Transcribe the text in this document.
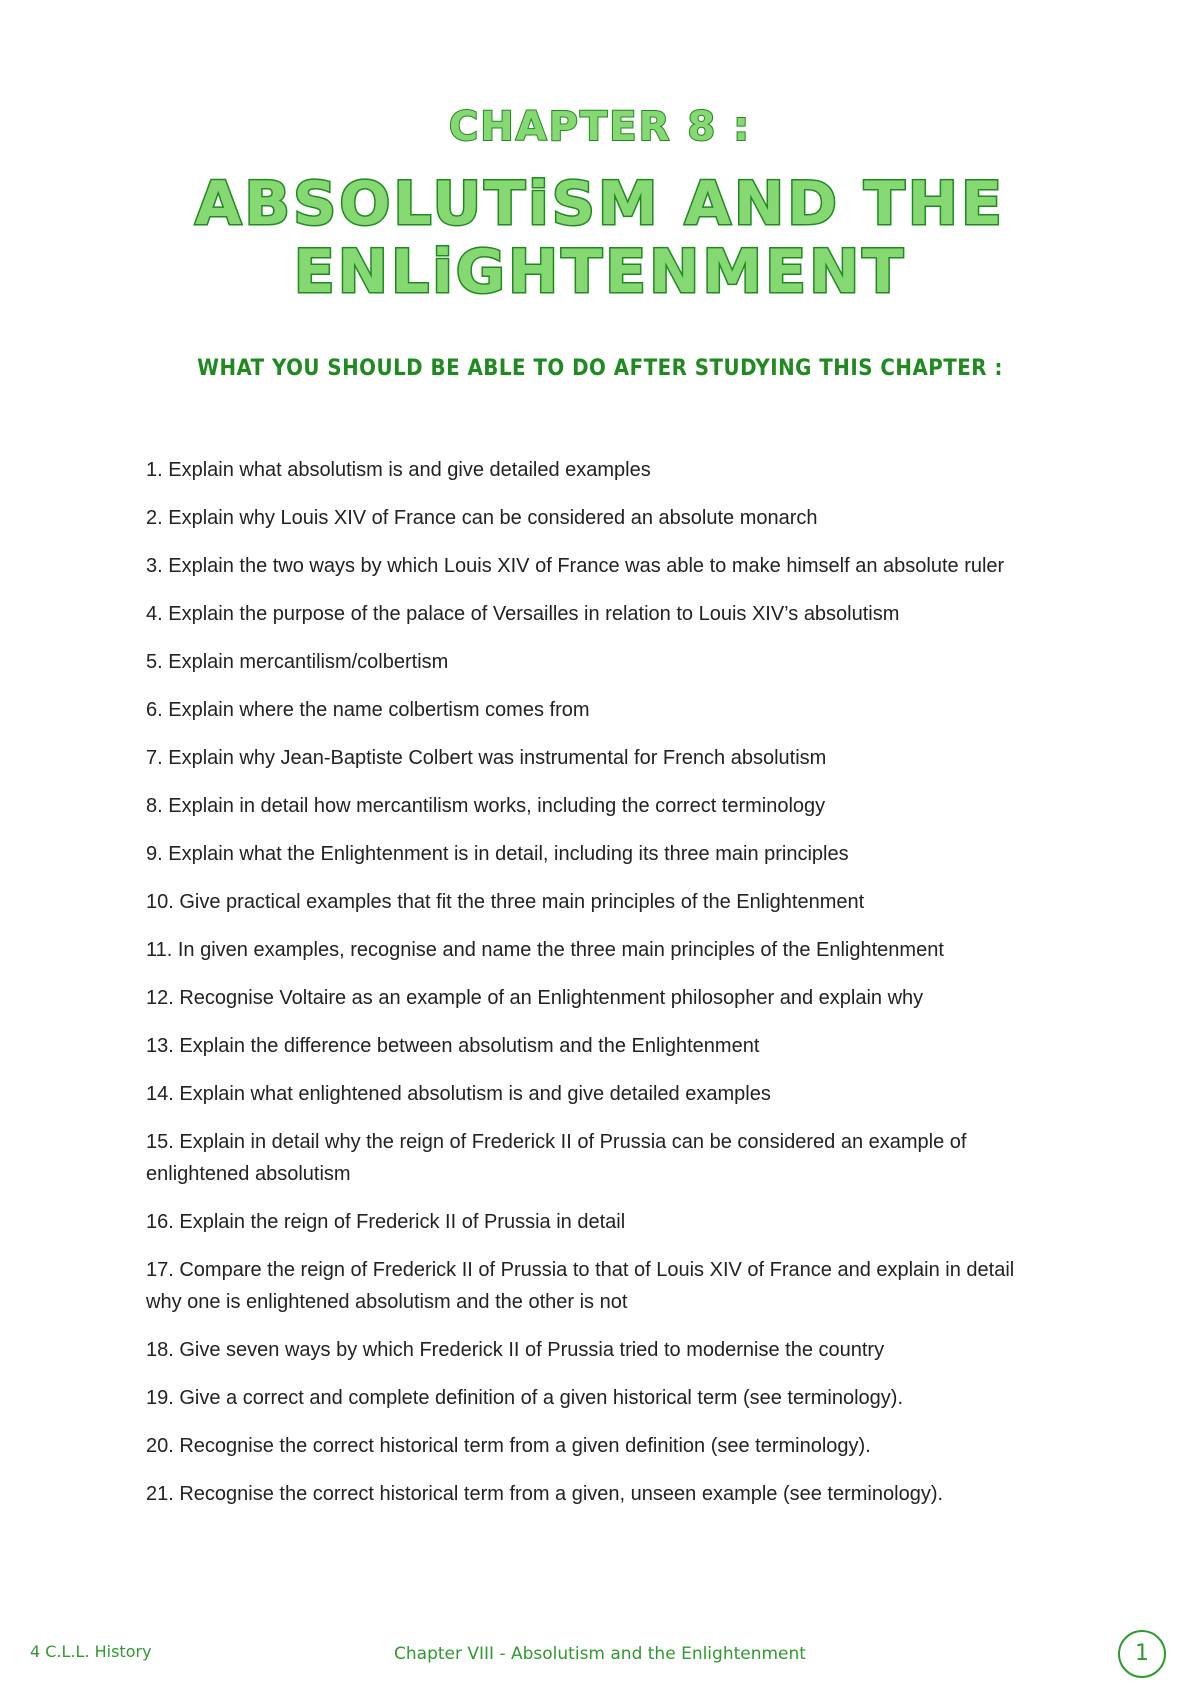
CHAPTER 8 :
ABSOLUTiSM AND THE ENLiGHTENMENT
WHAT YOU SHOULD BE ABLE TO DO AFTER STUDYING THIS CHAPTER :
1. Explain what absolutism is and give detailed examples
2. Explain why Louis XIV of France can be considered an absolute monarch
3. Explain the two ways by which Louis XIV of France was able to make himself an absolute ruler
4. Explain the purpose of the palace of Versailles in relation to Louis XIV’s absolutism
5. Explain mercantilism/colbertism
6. Explain where the name colbertism comes from
7. Explain why Jean-Baptiste Colbert was instrumental for French absolutism
8. Explain in detail how mercantilism works, including the correct terminology
9. Explain what the Enlightenment is in detail, including its three main principles
10. Give practical examples that fit the three main principles of the Enlightenment
11. In given examples, recognise and name the three main principles of the Enlightenment
12. Recognise Voltaire as an example of an Enlightenment philosopher and explain why
13. Explain the difference between absolutism and the Enlightenment
14. Explain what enlightened absolutism is and give detailed examples
15. Explain in detail why the reign of Frederick II of Prussia can be considered an example of enlightened absolutism
16. Explain the reign of Frederick II of Prussia in detail
17. Compare the reign of Frederick II of Prussia to that of Louis XIV of France and explain in detail why one is enlightened absolutism and the other is not
18. Give seven ways by which Frederick II of Prussia tried to modernise the country
19. Give a correct and complete definition of a given historical term (see terminology).
20. Recognise the correct historical term from a given definition (see terminology).
21. Recognise the correct historical term from a given, unseen example (see terminology).
4 C.L.L. History	Chapter VIII - Absolutism and the Enlightenment	1
